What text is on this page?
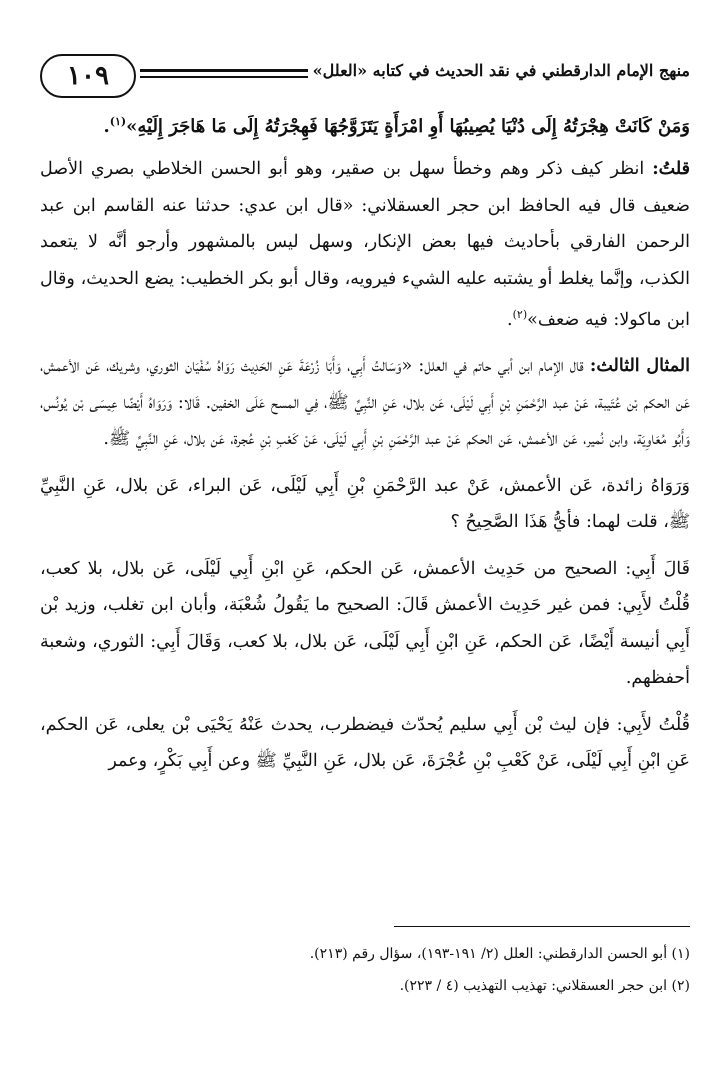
١٠٩	منهج الإمام الدارقطني في نقد الحديث في كتابه «العلل»

وَمَنْ كَانَتْ هِجْرَتُهُ إِلَى دُنْيَا يُصِيبُهَا أَوِ امْرَأَةٍ يَتَزَوَّجُهَا فَهِجْرَتُهُ إِلَى مَا هَاجَرَ إِلَيْهِ»$^{(١)}$.

قلتُ: انظر كيف ذكر وهم وخطأ سهل بن صقير، وهو أبو الحسن الخلاطي بصري الأصل ضعيف قال فيه الحافظ ابن حجر العسقلاني: «قال ابن عدي: حدثنا عنه القاسم ابن عبد الرحمن الفارقي بأحاديث فيها بعض الإنكار، وسهل ليس بالمشهور وأرجو أنَّه لا يتعمد الكذب، وإنَّما يغلط أو يشتبه عليه الشيء فيرويه، وقال أبو بكر الخطيب: يضع الحديث، وقال ابن ماكولا: فيه ضعف»$^{(٢)}$.

المثال الثالث: قال الإمام ابن أبي حاتم في العلل: «وَسَالتُ أَبِي، وَأَبَا زُرْعَةَ عَنِ الحَدِيث رَوَاهُ سُفْيَان الثوري، وشريك، عَن الأعمش، عَن الحكم بْن عُتَيبة، عَنْ عبد الرَّحْمَنِ بْنِ أَبِي لَيْلَى، عَن بلال، عَنِ النَّبِيِّ ﷺ، فِي المسح عَلَى الخفين. قَالا: وَرَوَاهُ أَيْضًا عِيسَى بْن يُونُس، وَأَبُو مُعَاوِيَة، وابن نُمير، عَن الأعمش، عَن الحكم عَنْ عبد الرَّحْمَنِ بْنِ أَبِي لَيْلَى، عَنْ كَعْبِ بْنِ عُجرة، عَن بلال، عَنِ النَّبِيِّ ﷺ.

وَرَوَاهُ زائدة، عَن الأعمش، عَنْ عبد الرَّحْمَنِ بْنِ أَبِي لَيْلَى، عَن البراء، عَن بلال، عَنِ النَّبِيِّ ﷺ، قلت لهما: فأيُّ هَذَا الصَّحِيحُ ؟

قَالَ أَبِي: الصحيح من حَدِيث الأعمش، عَن الحكم، عَنِ ابْنِ أَبِي لَيْلَى، عَن بلال، بلا كعب، قُلْتُ لأَبِي: فمن غير حَدِيث الأعمش قَالَ: الصحيح ما يَقُولُ شُعْبَة، وأبان ابن تغلب، وزيد بْن أَبِي أنيسة أَيْضًا، عَن الحكم، عَنِ ابْنِ أَبِي لَيْلَى، عَن بلال، بلا كعب، وَقَالَ أَبِي: الثوري، وشعبة أحفظهم.

قُلْتُ لأَبِي: فإن ليث بْن أَبِي سليم يُحدّث فيضطرب، يحدث عَنْهُ يَحْيَى بْن يعلى، عَن الحكم، عَنِ ابْنِ أَبِي لَيْلَى، عَنْ كَعْبِ بْنِ عُجْرَةَ، عَن بلال، عَنِ النَّبِيِّ ﷺ وعن أَبِي بَكْرٍ، وعمر

(١) أبو الحسن الدارقطني: العلل (٢/ ١٩١-١٩٣)، سؤال رقم (٢١٣).

(٢) ابن حجر العسقلاني: تهذيب التهذيب (٤ / ٢٢٣).
